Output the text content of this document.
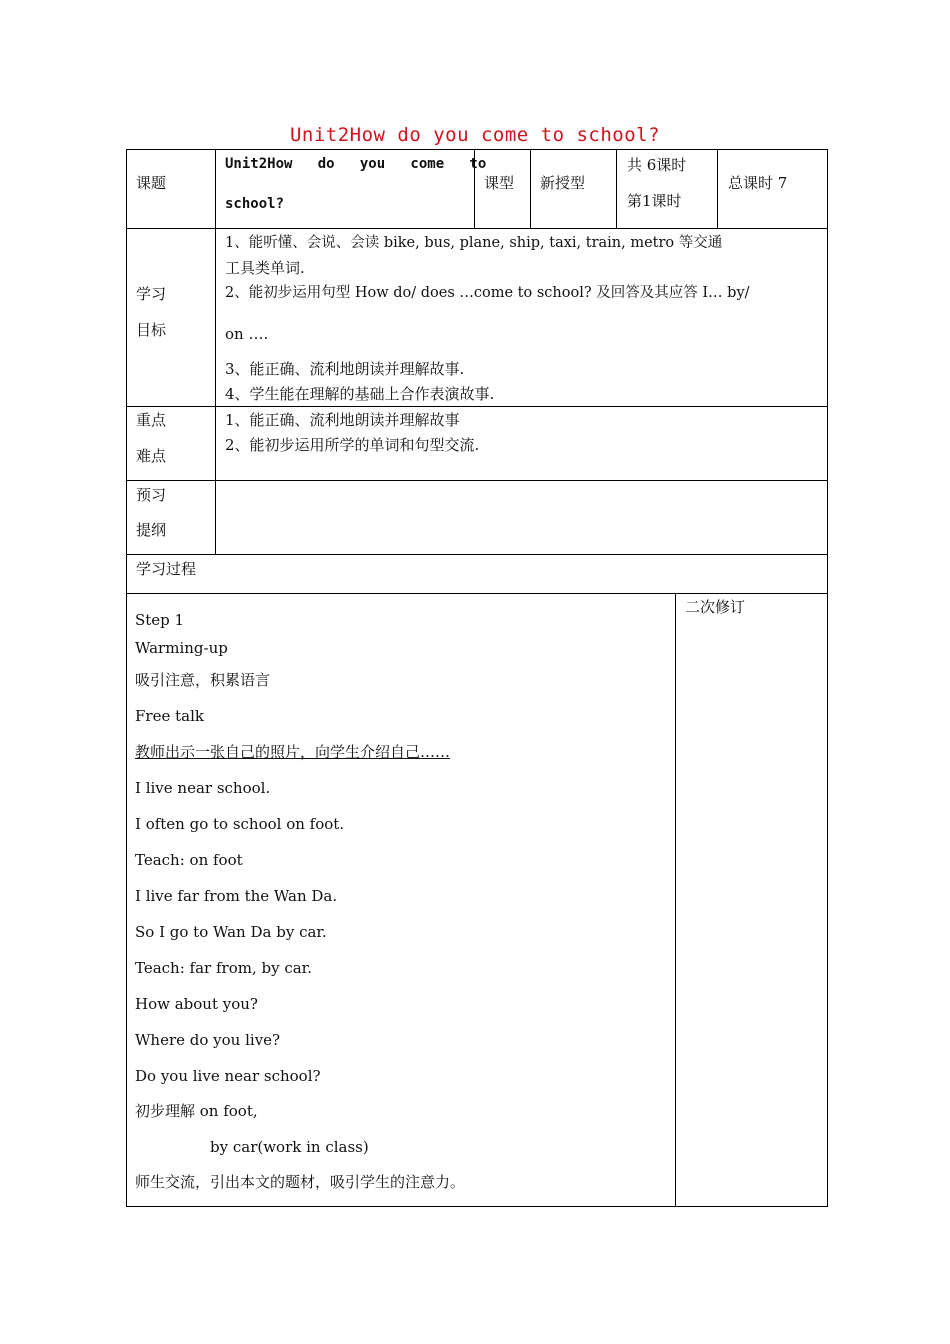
Unit2How do you come to school?
课题
Unit2How   do   you   come   to
school?
课型 新授型
共 6课时
第1课时
总课时 7
学习
目标
1、能听懂、会说、会读 bike, bus, plane, ship, taxi, train, metro 等交通
工具类单词.
2、能初步运用句型 How do/ does …come to school? 及回答及其应答 I… by/
on ….
3、能正确、流利地朗读并理解故事.
4、学生能在理解的基础上合作表演故事.
重点
难点
1、能正确、流利地朗读并理解故事
2、能初步运用所学的单词和句型交流.
预习
提纲
学习过程
二次修订
Step 1
Warming-up
吸引注意，积累语言
Free talk
教师出示一张自己的照片，向学生介绍自己……
I live near school.
I often go to school on foot.
Teach: on foot
I live far from the Wan Da.
So I go to Wan Da by car.
Teach: far from, by car.
How about you?
Where do you live?
Do you live near school?
初步理解 on foot,
by car(work in class)
师生交流，引出本文的题材，吸引学生的注意力。
